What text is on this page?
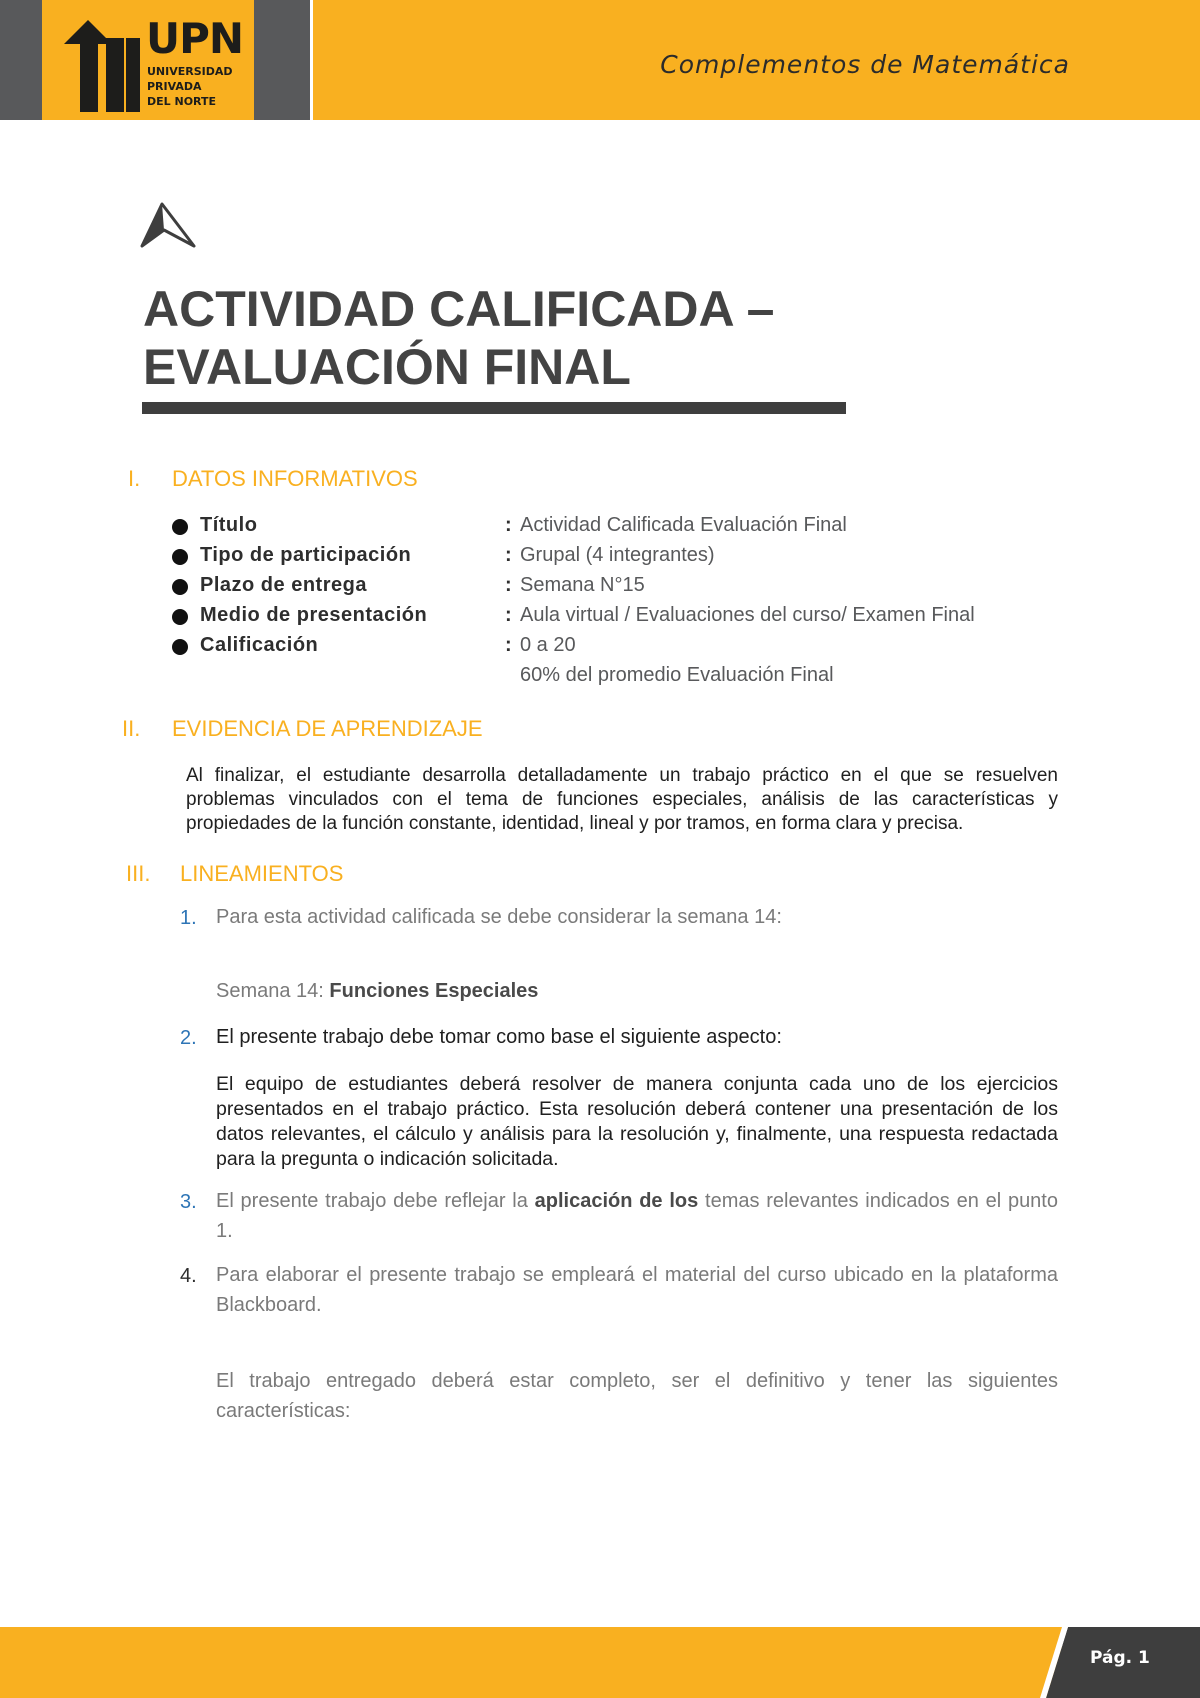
UPN
UNIVERSIDAD
PRIVADA
DEL NORTE
Complementos de Matemática
ACTIVIDAD CALIFICADA –
EVALUACIÓN FINAL
I. DATOS INFORMATIVOS
Título	: Actividad Calificada Evaluación Final
Tipo de participación	: Grupal (4 integrantes)
Plazo de entrega	: Semana N°15
Medio de presentación	: Aula virtual / Evaluaciones del curso/ Examen Final
Calificación	: 0 a 20
60% del promedio Evaluación Final
II. EVIDENCIA DE APRENDIZAJE
Al finalizar, el estudiante desarrolla detalladamente un trabajo práctico en el que se resuelven problemas vinculados con el tema de funciones especiales, análisis de las características y propiedades de la función constante, identidad, lineal y por tramos, en forma clara y precisa.
III. LINEAMIENTOS
1. Para esta actividad calificada se debe considerar la semana 14:
Semana 14: Funciones Especiales
2. El presente trabajo debe tomar como base el siguiente aspecto:
El equipo de estudiantes deberá resolver de manera conjunta cada uno de los ejercicios presentados en el trabajo práctico. Esta resolución deberá contener una presentación de los datos relevantes, el cálculo y análisis para la resolución y, finalmente, una respuesta redactada para la pregunta o indicación solicitada.
3. El presente trabajo debe reflejar la aplicación de los temas relevantes indicados en el punto 1.
4. Para elaborar el presente trabajo se empleará el material del curso ubicado en la plataforma Blackboard.
El trabajo entregado deberá estar completo, ser el definitivo y tener las siguientes características:
Pág. 1
